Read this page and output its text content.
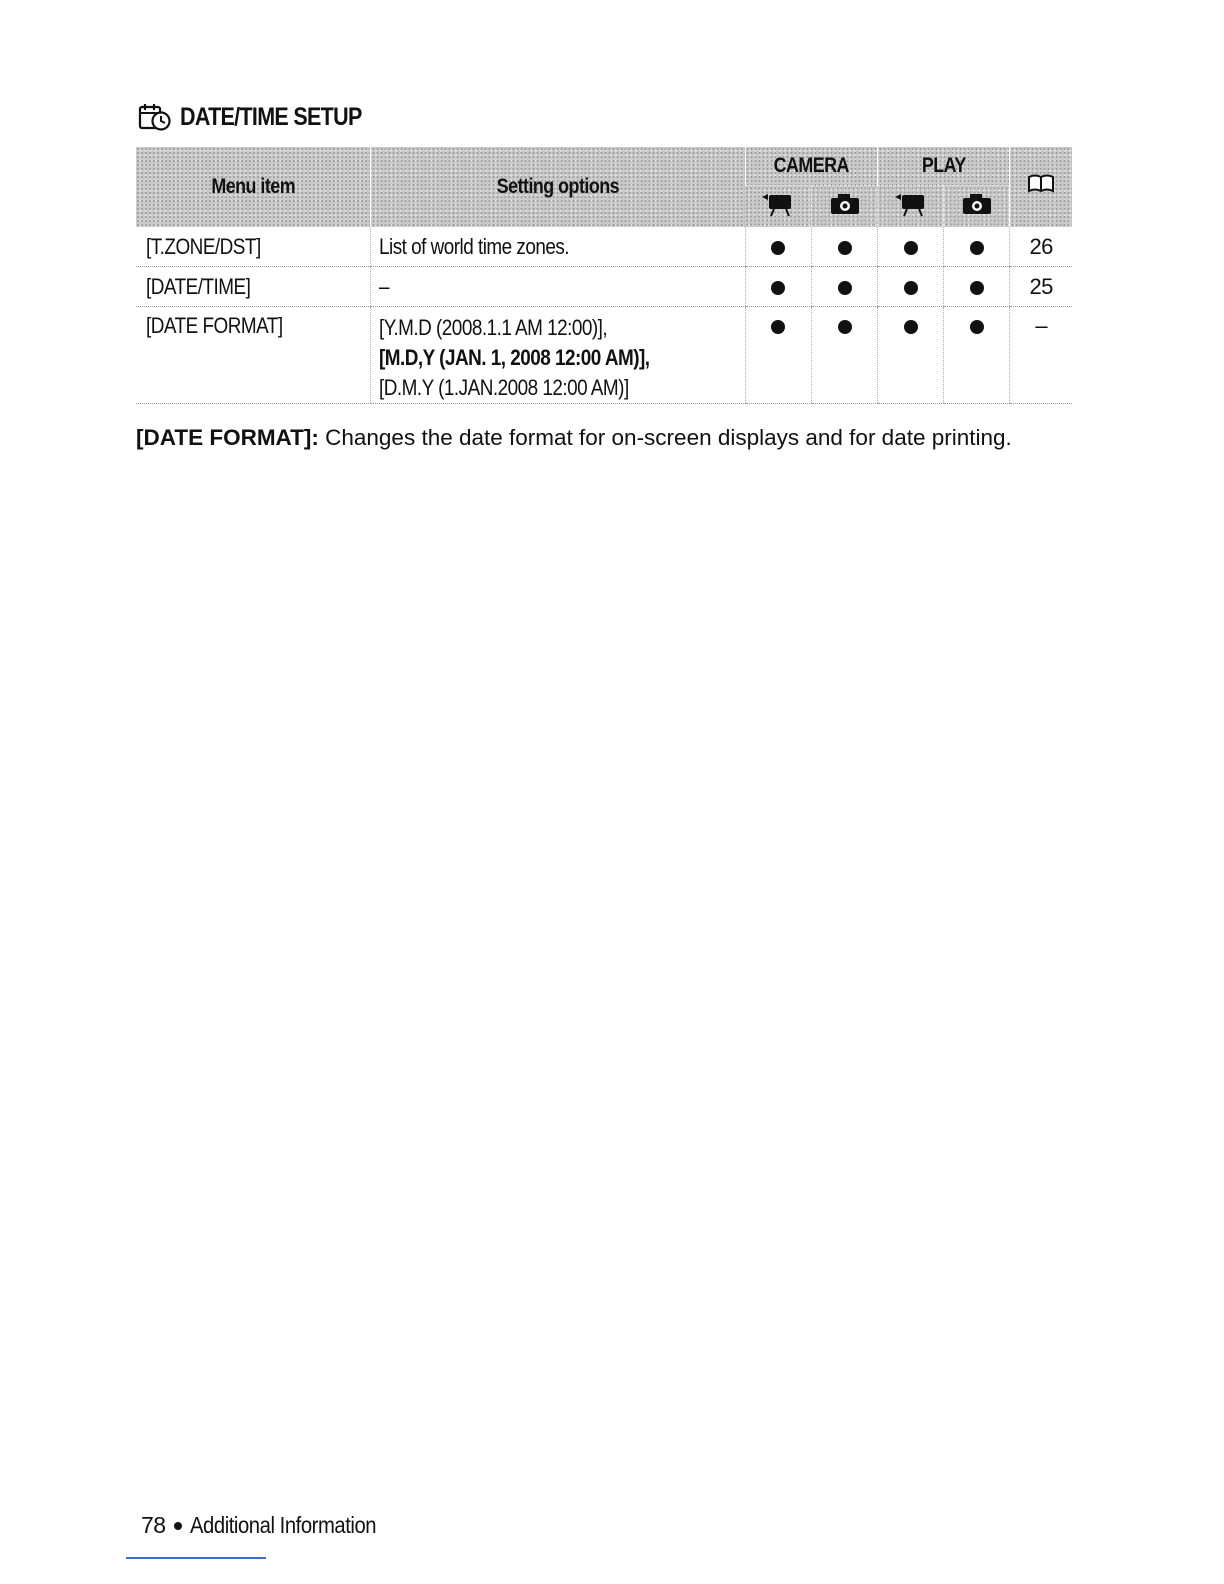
DATE/TIME SETUP
Menu item	Setting options	CAMERA		PLAY	

[T.ZONE/DST]	List of world time zones.					26
[DATE/TIME]	–					25
[DATE FORMAT]	[Y.M.D (2008.1.1 AM 12:00)],
[M.D,Y (JAN. 1, 2008 12:00 AM)],
[D.M.Y (1.JAN.2008 12:00 AM)]					–
[DATE FORMAT]: Changes the date format for on-screen displays and for date printing.
78 Additional Information
